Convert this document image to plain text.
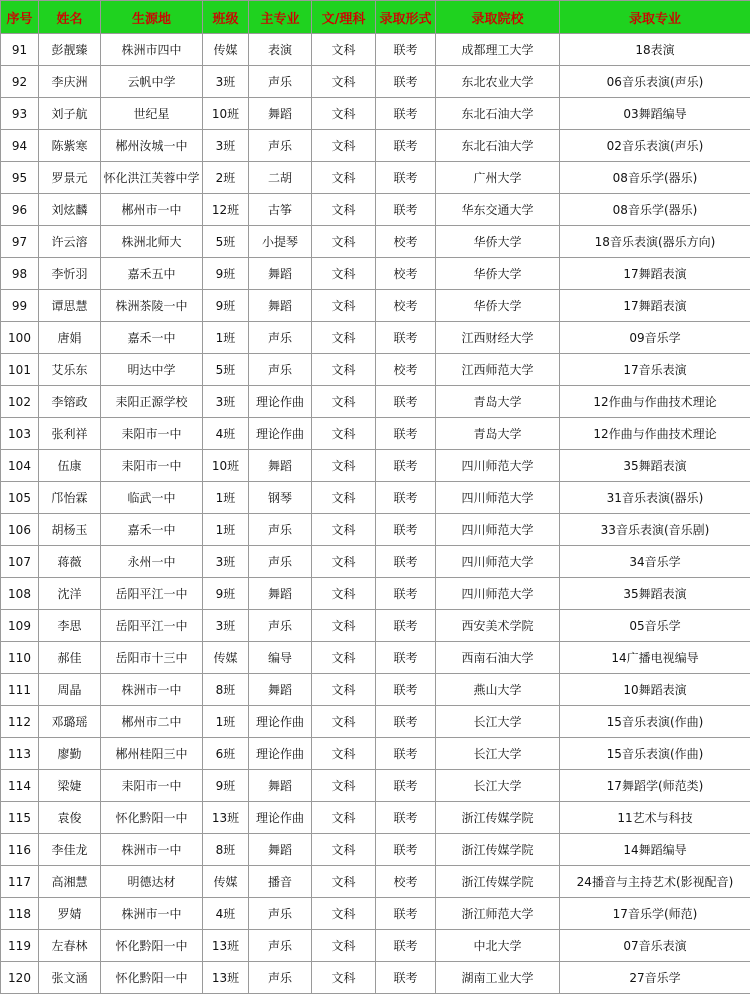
序号	姓名	生源地	班级	主专业	文/理科	录取形式	录取院校	录取专业
91	彭靓臻	株洲市四中	传媒	表演	文科	联考	成都理工大学	18表演
92	李庆洲	云帆中学	3班	声乐	文科	联考	东北农业大学	06音乐表演(声乐)
93	刘子航	世纪星	10班	舞蹈	文科	联考	东北石油大学	03舞蹈编导
94	陈紫寒	郴州汝城一中	3班	声乐	文科	联考	东北石油大学	02音乐表演(声乐)
95	罗景元	怀化洪江芙蓉中学	2班	二胡	文科	联考	广州大学	08音乐学(器乐)
96	刘炫麟	郴州市一中	12班	古筝	文科	联考	华东交通大学	08音乐学(器乐)
97	许云溶	株洲北师大	5班	小提琴	文科	校考	华侨大学	18音乐表演(器乐方向)
98	李忻羽	嘉禾五中	9班	舞蹈	文科	校考	华侨大学	17舞蹈表演
99	谭思慧	株洲茶陵一中	9班	舞蹈	文科	校考	华侨大学	17舞蹈表演
100	唐娟	嘉禾一中	1班	声乐	文科	联考	江西财经大学	09音乐学
101	艾乐东	明达中学	5班	声乐	文科	校考	江西师范大学	17音乐表演
102	李镕政	耒阳正源学校	3班	理论作曲	文科	联考	青岛大学	12作曲与作曲技术理论
103	张利祥	耒阳市一中	4班	理论作曲	文科	联考	青岛大学	12作曲与作曲技术理论
104	伍康	耒阳市一中	10班	舞蹈	文科	联考	四川师范大学	35舞蹈表演
105	邝怡霖	临武一中	1班	钢琴	文科	联考	四川师范大学	31音乐表演(器乐)
106	胡杨玉	嘉禾一中	1班	声乐	文科	联考	四川师范大学	33音乐表演(音乐剧)
107	蒋薇	永州一中	3班	声乐	文科	联考	四川师范大学	34音乐学
108	沈洋	岳阳平江一中	9班	舞蹈	文科	联考	四川师范大学	35舞蹈表演
109	李思	岳阳平江一中	3班	声乐	文科	联考	西安美术学院	05音乐学
110	郝佳	岳阳市十三中	传媒	编导	文科	联考	西南石油大学	14广播电视编导
111	周晶	株洲市一中	8班	舞蹈	文科	联考	燕山大学	10舞蹈表演
112	邓璐瑶	郴州市二中	1班	理论作曲	文科	联考	长江大学	15音乐表演(作曲)
113	廖勤	郴州桂阳三中	6班	理论作曲	文科	联考	长江大学	15音乐表演(作曲)
114	梁婕	耒阳市一中	9班	舞蹈	文科	联考	长江大学	17舞蹈学(师范类)
115	袁俊	怀化黔阳一中	13班	理论作曲	文科	联考	浙江传媒学院	11艺术与科技
116	李佳龙	株洲市一中	8班	舞蹈	文科	联考	浙江传媒学院	14舞蹈编导
117	高湘慧	明德达材	传媒	播音	文科	校考	浙江传媒学院	24播音与主持艺术(影视配音)
118	罗婧	株洲市一中	4班	声乐	文科	联考	浙江师范大学	17音乐学(师范)
119	左春林	怀化黔阳一中	13班	声乐	文科	联考	中北大学	07音乐表演
120	张文涵	怀化黔阳一中	13班	声乐	文科	联考	湖南工业大学	27音乐学
